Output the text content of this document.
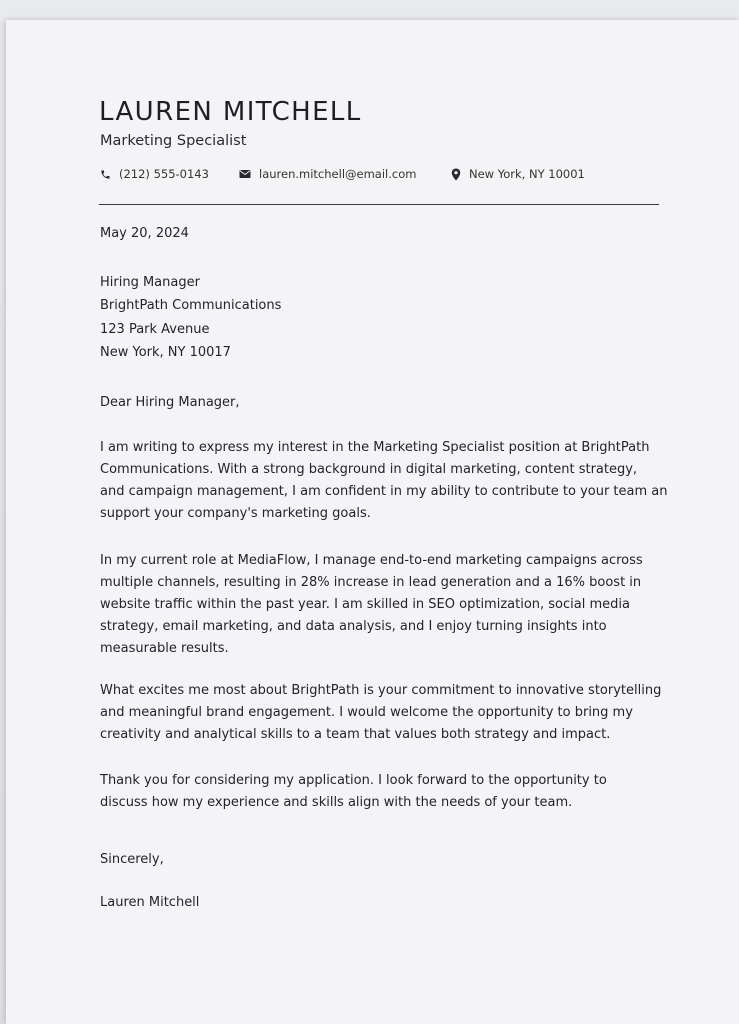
LAUREN MITCHELL
Marketing Specialist
(212) 555-0143	lauren.mitchell@email.com	New York, NY 10001

May 20, 2024

Hiring Manager
BrightPath Communications
123 Park Avenue
New York, NY 10017

Dear Hiring Manager,

I am writing to express my interest in the Marketing Specialist position at BrightPath
Communications. With a strong background in digital marketing, content strategy,
and campaign management, I am confident in my ability to contribute to your team an
support your company's marketing goals.

In my current role at MediaFlow, I manage end-to-end marketing campaigns across
multiple channels, resulting in 28% increase in lead generation and a 16% boost in
website traffic within the past year. I am skilled in SEO optimization, social media
strategy, email marketing, and data analysis, and I enjoy turning insights into
measurable results.

What excites me most about BrightPath is your commitment to innovative storytelling
and meaningful brand engagement. I would welcome the opportunity to bring my
creativity and analytical skills to a team that values both strategy and impact.

Thank you for considering my application. I look forward to the opportunity to
discuss how my experience and skills align with the needs of your team.

Sincerely,

Lauren Mitchell
